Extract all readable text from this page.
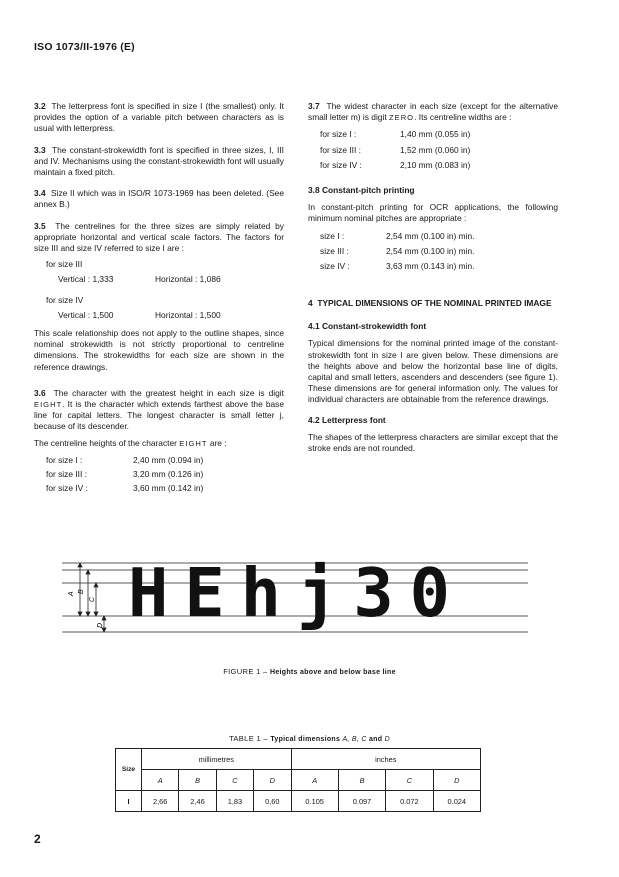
ISO 1073/II-1976 (E)

3.2 The letterpress font is specified in size I (the smallest) only. It provides the option of a variable pitch between characters as is usual with letterpress.

3.3 The constant-strokewidth font is specified in three sizes, I, III and IV. Mechanisms using the constant-strokewidth font will usually maintain a fixed pitch.

3.4 Size II which was in ISO/R 1073-1969 has been deleted. (See annex B.)

3.5 The centrelines for the three sizes are simply related by appropriate horizontal and vertical scale factors. The factors for size III and size IV referred to size I are :

for size III
Vertical : 1,333	Horizontal : 1,086
for size IV
Vertical : 1,500	Horizontal : 1,500

This scale relationship does not apply to the outline shapes, since nominal strokewidth is not strictly proportional to centreline dimensions. The strokewidths for each size are shown in the reference drawings.

3.6 The character with the greatest height in each size is digit EIGHT. It is the character which extends farthest above the base line for capital letters. The longest character is small letter j, because of its descender.

The centreline heights of the character EIGHT are :

for size I :	2,40 mm (0.094 in)
for size III :	3,20 mm (0.126 in)
for size IV :	3,60 mm (0.142 in)

3.7 The widest character in each size (except for the alternative small letter m) is digit ZERO. Its centreline widths are :

for size I :	1,40 mm (0.055 in)
for size III :	1,52 mm (0.060 in)
for size IV :	2,10 mm (0.083 in)

3.8 Constant-pitch printing

In constant-pitch printing for OCR applications, the following minimum nominal pitches are appropriate :

size I :	2,54 mm (0.100 in) min.
size III :	2,54 mm (0.100 in) min.
size IV :	3,63 mm (0.143 in) min.
4 TYPICAL DIMENSIONS OF THE NOMINAL PRINTED IMAGE

4.1 Constant-strokewidth font

Typical dimensions for the nominal printed image of the constant-strokewidth font in size I are given below. These dimensions are the heights above and below the horizontal base line of digits, capital and small letters, ascenders and descenders (see figure 1). These dimensions are for general information only. The values for individual characters are obtainable from the reference drawings.

4.2 Letterpress font

The shapes of the letterpress characters are similar except that the stroke ends are not rounded.

A B
C
D HEhj30
FIGURE 1 – Heights above and below base line
TABLE 1 – Typical dimensions A, B, C and D
Size	millimetres				inches			
	A	B	C	D	A	B	C	D
I	2,66	2,46	1,83	0,60	0.105	0.097	0.072	0.024
2
